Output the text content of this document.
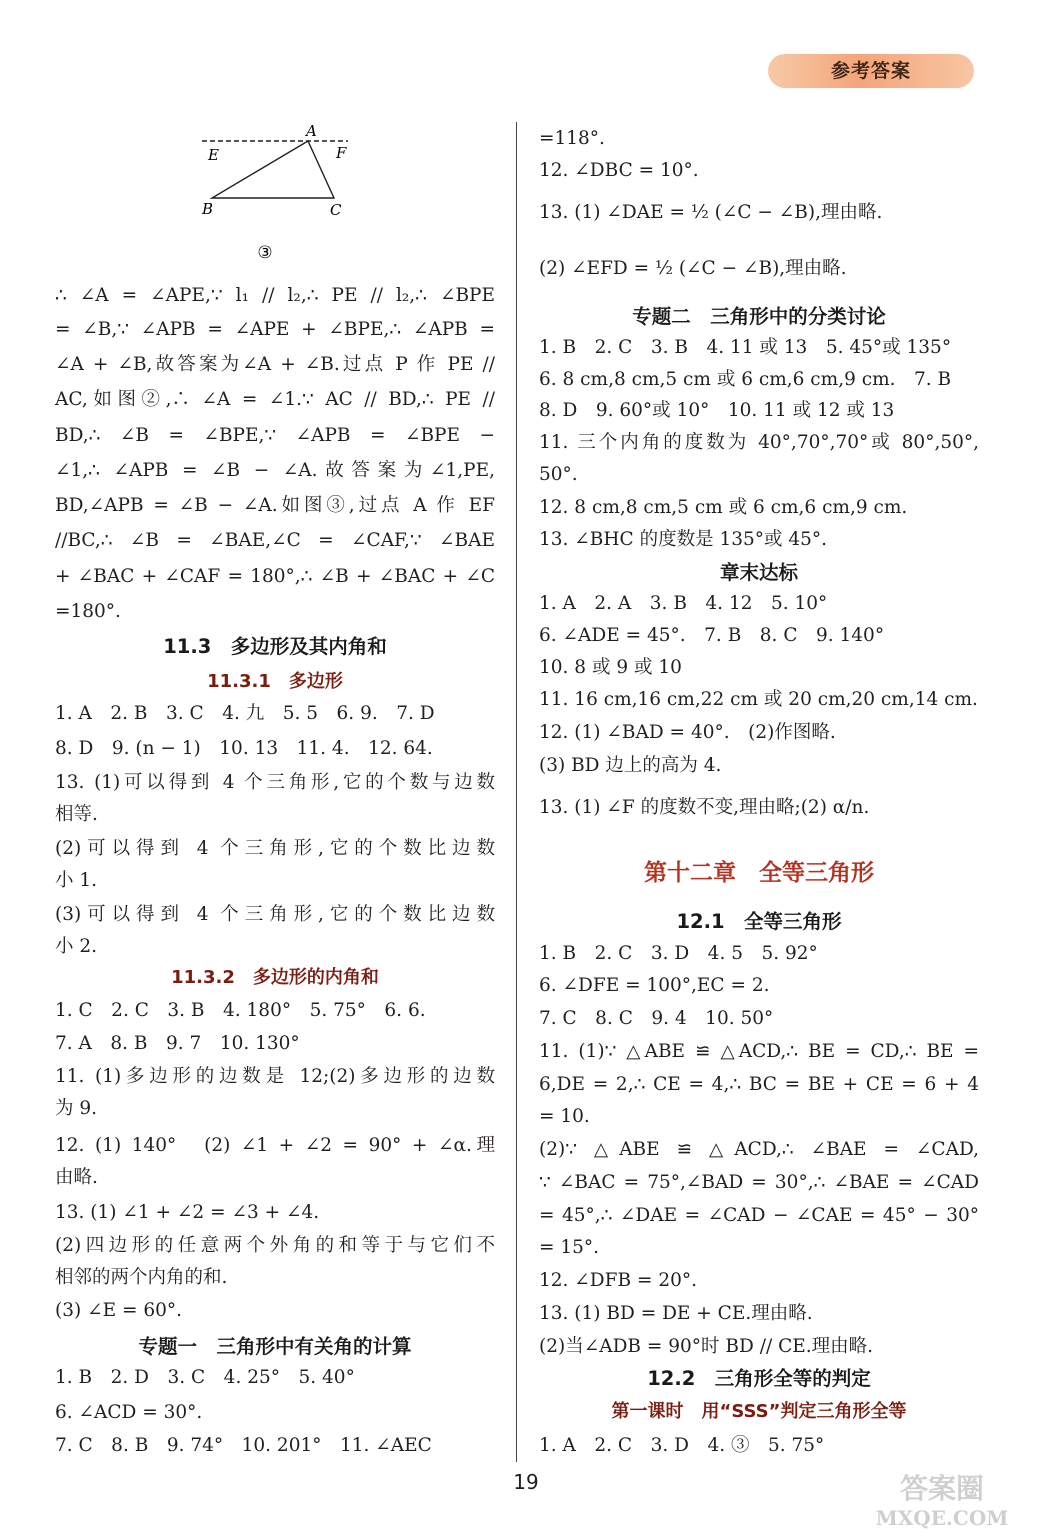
参考答案
A
E	F
B	C
③
∴ ∠A = ∠APE,∵ l₁ // l₂,∴ PE // l₂,∴ ∠BPE
= ∠B,∵ ∠APB = ∠APE + ∠BPE,∴ ∠APB =
∠A + ∠B,故答案为∠A + ∠B.过点 P 作 PE //
AC,如图②,∴ ∠A = ∠1.∵ AC // BD,∴ PE //
BD,∴ ∠B = ∠BPE,∵ ∠APB = ∠BPE −
∠1,∴ ∠APB = ∠B − ∠A.故答案为∠1,PE,
BD,∠APB = ∠B − ∠A.如图③,过点 A 作 EF
//BC,∴ ∠B = ∠BAE,∠C = ∠CAF,∵ ∠BAE
+ ∠BAC + ∠CAF = 180°,∴ ∠B + ∠BAC + ∠C
=180°.
11.3　多边形及其内角和
11.3.1　多边形
1. A　2. B　3. C　4. 九　5. 5　6. 9.　7. D
8. D　9. (n − 1)　10. 13　11. 4.　12. 64.
13. (1)可以得到 4 个三角形,它的个数与边数
相等.
(2)可以得到 4 个三角形,它的个数比边数
小 1.
(3)可以得到 4 个三角形,它的个数比边数
小 2.
11.3.2　多边形的内角和
1. C　2. C　3. B　4. 180°　5. 75°　6. 6.
7. A　8. B　9. 7　10. 130°
11. (1)多边形的边数是 12;(2)多边形的边数
为 9.
12. (1) 140°　(2) ∠1 + ∠2 = 90° + ∠α.理
由略.
13. (1) ∠1 + ∠2 = ∠3 + ∠4.
(2)四边形的任意两个外角的和等于与它们不
相邻的两个内角的和.
(3) ∠E = 60°.
专题一　三角形中有关角的计算
1. B　2. D　3. C　4. 25°　5. 40°
6. ∠ACD = 30°.
7. C　8. B　9. 74°　10. 201°　11. ∠AEC
=118°.
12. ∠DBC = 10°.
13. (1) ∠DAE = ½ (∠C − ∠B),理由略.
(2) ∠EFD = ½ (∠C − ∠B),理由略.
专题二　三角形中的分类讨论
1. B　2. C　3. B　4. 11 或 13　5. 45°或 135°
6. 8 cm,8 cm,5 cm 或 6 cm,6 cm,9 cm.　7. B
8. D　9. 60°或 10°　10. 11 或 12 或 13
11. 三个内角的度数为 40°,70°,70°或 80°,50°,
50°.
12. 8 cm,8 cm,5 cm 或 6 cm,6 cm,9 cm.
13. ∠BHC 的度数是 135°或 45°.
章末达标
1. A　2. A　3. B　4. 12　5. 10°
6. ∠ADE = 45°.　7. B　8. C　9. 140°
10. 8 或 9 或 10
11. 16 cm,16 cm,22 cm 或 20 cm,20 cm,14 cm.
12. (1) ∠BAD = 40°.　(2)作图略.
(3) BD 边上的高为 4.
13. (1) ∠F 的度数不变,理由略;(2) α/n.
第十二章　全等三角形
12.1　全等三角形
1. B　2. C　3. D　4. 5　5. 92°
6. ∠DFE = 100°,EC = 2.
7. C　8. C　9. 4　10. 50°
11. (1)∵ △ABE ≌ △ACD,∴ BE = CD,∴ BE =
6,DE = 2,∴ CE = 4,∴ BC = BE + CE = 6 + 4
= 10.
(2)∵ △ABE ≌ △ACD,∴ ∠BAE = ∠CAD,
∵ ∠BAC = 75°,∠BAD = 30°,∴ ∠BAE = ∠CAD
= 45°,∴ ∠DAE = ∠CAD − ∠CAE = 45° − 30°
= 15°.
12. ∠DFB = 20°.
13. (1) BD = DE + CE.理由略.
(2)当∠ADB = 90°时 BD // CE.理由略.
12.2　三角形全等的判定
第一课时　用“SSS”判定三角形全等
1. A　2. C　3. D　4. ③　5. 75°
19	答案圈
MXQE.COM
